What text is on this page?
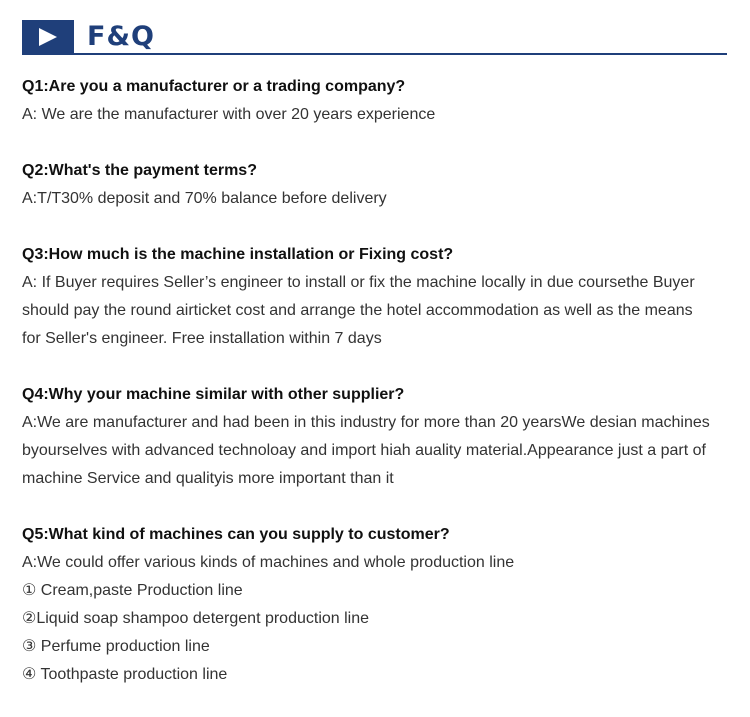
F&Q
Q1:Are you a manufacturer or a trading company?
A: We are the manufacturer with over 20 years experience
Q2:What's the payment terms?
A:T/T30% deposit and 70% balance before delivery
Q3:How much is the machine installation or Fixing cost?
A: If Buyer requires Seller’s engineer to install or fix the machine locally in due coursethe Buyer
should pay the round airticket cost and arrange the hotel accommodation as well as the means
for Seller's engineer. Free installation within 7 days
Q4:Why your machine similar with other supplier?
A:We are manufacturer and had been in this industry for more than 20 yearsWe desian machines
byourselves with advanced technoloay and import hiah auality material.Appearance just a part of
machine Service and qualityis more important than it
Q5:What kind of machines can you supply to customer?
A:We could offer various kinds of machines and whole production line
① Cream,paste Production line
②Liquid soap shampoo detergent production line
③ Perfume production line
④ Toothpaste production line
